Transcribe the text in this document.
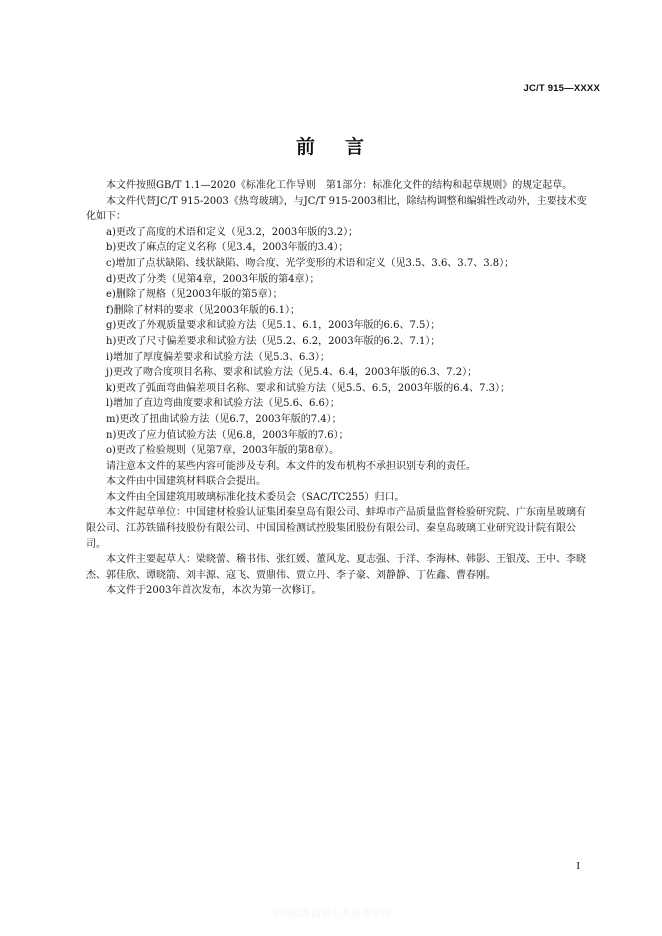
JC/T 915—XXXX
前 言

本文件按照GB/T 1.1—2020《标准化工作导则　第1部分：标准化文件的结构和起草规则》的规定起草。

本文件代替JC/T 915-2003《热弯玻璃》，与JC/T 915-2003相比，除结构调整和编辑性改动外，主要技术变化如下：

a)更改了高度的术语和定义（见3.2，2003年版的3.2）；

b)更改了麻点的定义名称（见3.4，2003年版的3.4）；

c)增加了点状缺陷、线状缺陷、吻合度、光学变形的术语和定义（见3.5、3.6、3.7、3.8）；

d)更改了分类（见第4章，2003年版的第4章）；

e)删除了规格（见2003年版的第5章）；

f)删除了材料的要求（见2003年版的6.1）；

g)更改了外观质量要求和试验方法（见5.1、6.1，2003年版的6.6、7.5）；

h)更改了尺寸偏差要求和试验方法（见5.2、6.2，2003年版的6.2、7.1）；

i)增加了厚度偏差要求和试验方法（见5.3、6.3）；

j)更改了吻合度项目名称、要求和试验方法（见5.4、6.4，2003年版的6.3、7.2）；

k)更改了弧面弯曲偏差项目名称、要求和试验方法（见5.5、6.5，2003年版的6.4、7.3）；

l)增加了直边弯曲度要求和试验方法（见5.6、6.6）；

m)更改了扭曲试验方法（见6.7，2003年版的7.4）；

n)更改了应力值试验方法（见6.8，2003年版的7.6）；

o)更改了检验规则（见第7章，2003年版的第8章）。

请注意本文件的某些内容可能涉及专利。本文件的发布机构不承担识别专利的责任。

本文件由中国建筑材料联合会提出。

本文件由全国建筑用玻璃标准化技术委员会（SAC/TC255）归口。

本文件起草单位：中国建材检验认证集团秦皇岛有限公司、蚌埠市产品质量监督检验研究院、广东南星玻璃有限公司、江苏铁锚科技股份有限公司、中国国检测试控股集团股份有限公司、秦皇岛玻璃工业研究设计院有限公司。

本文件主要起草人：梁晓蕾、稽书伟、张红媛、董风龙、夏志强、于洋、李海林、韩影、王银茂、王中、李晓杰、郭佳欣、谭晓箭、刘丰源、寇飞、贾鼎伟、贾立丹、李子豪、刘静静、丁佐鑫、曹春刚。

本文件于2003年首次发布，本次为第一次修订。

I
全国标准信息公共服务平台
